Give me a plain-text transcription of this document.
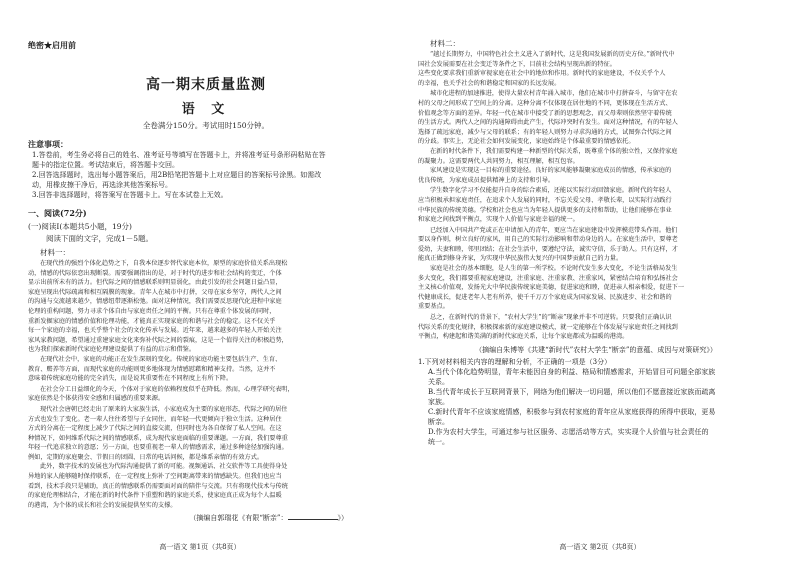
绝密★启用前
高一期末质量监测
语 文
全卷满分150分。考试用时150分钟。
注意事项：
1.答卷前，考生务必将自己的姓名、准考证号等填写在答题卡上，并将准考证号条形码粘贴在答
题卡的指定位置。考试结束后，将答题卡交回。
2.回答选择题时，选出每小题答案后，用2B铅笔把答题卡上对应题目的答案标号涂黑。如需改
动，用橡皮擦干净后，再选涂其他答案标号。
3.回答非选择题时，将答案写在答题卡上。写在本试卷上无效。
一、阅读(72分)
(一)阅读Ⅰ(本题共5小题，19分)
阅读下面的文字，完成1－5题。
材料一：
在现代性的强烈个体化趋势之下，自我本位逐步替代家庭本位，原型的家庭价值关系出现松
动，情感的代际依恋出现断裂。需要强调指出的是，对于时代的进步和社会结构的变迁，个体
显示出前所未有的活力。但代际之间的情感联系则明显弱化，由此引发的社会问题日益凸显，
家庭呈现出代际疏离和相互隔膜的现象。青年人在城市中打拼，父母在家乡坚守，两代人之间
的沟通与交流越来越少，情感纽带逐渐松弛。面对这种情况，我们需要反思现代化进程中家庭
伦理的重构问题，努力寻求个体自由与家庭责任之间的平衡。只有在尊重个体发展的同时，
重新发掘家庭的情感价值和伦理功能，才能真正实现家庭的和谐与社会的稳定。这不仅关乎
每一个家庭的幸福，也关乎整个社会的文化传承与发展。近年来，越来越多的年轻人开始关注
家风家教问题，希望通过重建家庭文化来弥补代际之间的裂痕，这是一个值得关注的积极趋势，
也为我们探索新时代家庭伦理建设提供了有益的启示和借鉴。
在现代社会中，家庭的功能正在发生深刻的变化。传统的家庭功能主要包括生产、生育、
教育、赡养等方面，而现代家庭的功能则更多地体现为情感慰藉和精神支持。当然，这并不
意味着传统家庭功能的完全消失，而是说其重要性在不同程度上有所下降。
在社会分工日益细化的今天，个体对于家庭的依赖程度似乎在降低。然而，心理学研究表明，
家庭依然是个体获得安全感和归属感的重要来源。
现代社会唐朝已经走出了原来的大家族生活，小家庭成为主要的家庭形态，代际之间的居住
方式也发生了变化。老一辈人往往希望与子女同住，而年轻一代更倾向于独立生活。这种居住
方式的分离在一定程度上减少了代际之间的直接交流，但同时也为各自保留了私人空间。在这
种情况下，如何维系代际之间的情感联系，成为现代家庭面临的重要课题。一方面，我们要尊重
年轻一代追求独立的意愿；另一方面，也要重视老一辈人的情感需求，通过多种途径加强沟通。
例如，定期的家庭聚会、节假日的团圆、日常的电话问候，都是维系亲情的有效方式。
此外，数字技术的发展也为代际沟通提供了新的可能。视频通话、社交软件等工具使得身处
异地的家人能够随时保持联系，在一定程度上弥补了空间距离带来的情感缺失。但我们也应当
看到，技术手段只是辅助，真正的情感联系仍需要面对面的陪伴与交流。只有将现代技术与传统
的家庭伦理相结合，才能在新的时代条件下重塑和谐的家庭关系，使家庭真正成为每个人温暖
的港湾，为个体的成长和社会的发展提供坚实的支撑。
（摘编自郭瑞花《有限“断亲”：	》）
高一语文 第1页（共8页）
材料二：
“越过长期努力，中国特色社会主义进入了新时代，这是我国发展新的历史方位。”新时代中
国社会发展需要在社会变迁等条件之下，目前社会结构呈现出新的特征。
这些变化要求我们重新审视家庭在社会中的地位和作用。新时代的家庭建设，不仅关乎个人
的幸福，也关乎社会的和谐稳定和国家的长远发展。
城市化进程的加速推进，使得大量农村青年涌入城市，他们在城市中打拼奋斗，与留守在农
村的父母之间形成了空间上的分离。这种分离不仅体现在居住地的不同，更体现在生活方式、
价值观念等方面的差异。年轻一代在城市中接受了新的思想观念，而父母辈则依然坚守着传统
的生活方式。两代人之间的沟通障碍由此产生，代际冲突时有发生。面对这种情况，有的年轻人
选择了疏远家庭，减少与父母的联系；有的年轻人则努力寻求沟通的方式，试图弥合代际之间
的分歧。事实上，无论社会如何发展变化，家庭始终是个体最重要的情感依托。
在新的时代条件下，我们需要构建一种新型的代际关系，既尊重个体的独立性，又保持家庭
的凝聚力。这需要两代人共同努力，相互理解，相互包容。
家风建设是实现这一目标的重要途径。良好的家风能够凝聚家庭成员的情感，传承家庭的
优良传统，为家庭成员提供精神上的支持和引导。
学生数字化学习不仅能提升自身的综合素质，还能以实际行动回馈家庭。新时代的年轻人
应当积极承担家庭责任，在追求个人发展的同时，不忘关爱父母、孝敬长辈，以实际行动践行
中华民族的传统美德。学校和社会也应当为年轻人提供更多的支持和帮助，让他们能够在事业
和家庭之间找到平衡点，实现个人价值与家庭幸福的统一。
已经加入中国共产党或正在申请加入的青年，更应当在家庭建设中发挥模范带头作用。他们
要以身作则，树立良好的家风，用自己的实际行动影响和带动身边的人。在家庭生活中，要尊老
爱幼，夫妻和睦，邻里团结；在社会生活中，要遵纪守法，诚实守信，乐于助人。只有这样，才
能真正做到修身齐家，为实现中华民族伟大复兴的中国梦贡献自己的力量。
家庭是社会的基本细胞，是人生的第一所学校。不论时代发生多大变化，不论生活格局发生
多大变化，我们都要重视家庭建设，注重家庭、注重家教、注重家风，紧密结合培育和弘扬社会
主义核心价值观，发扬光大中华民族传统家庭美德，促进家庭和睦，促进亲人相亲相爱，促进下一
代健康成长，促进老年人老有所养，使千千万万个家庭成为国家发展、民族进步、社会和谐的
重要基点。
总之，在新时代的背景下，“农村大学生”的“断亲”现象并非不可逆转。只要我们正确认识
代际关系的变化规律，积极探索新的家庭建设模式，就一定能够在个体发展与家庭责任之间找到
平衡点，构建起和谐美满的新时代家庭关系，让每个家庭都成为温暖的港湾。
（摘编自朱博等《共建“新时代”农村大学生“断亲”的意蕴、成因与对策研究》）
1.下列对材料相关内容的理解和分析，不正确的一项是（3分）
A.当代个体化趋势明显，青年未能因自身的利益、格局和情感需求，开始冒目可问题全部家族
关系。
B.当代青年成长于互联网背景下，网络为他们解决一切问题，所以他们不愿意接近家族而疏离
家族。
C.新时代青年不应该家庭情感，积极参与到农村家庭的青年应从家庭获得的所得中获取，更易
断亲。
D.作为农村大学生，可通过参与社区服务、志愿活动等方式，实实现个人价值与社会责任的
统一。
高一语文 第2页（共8页）
